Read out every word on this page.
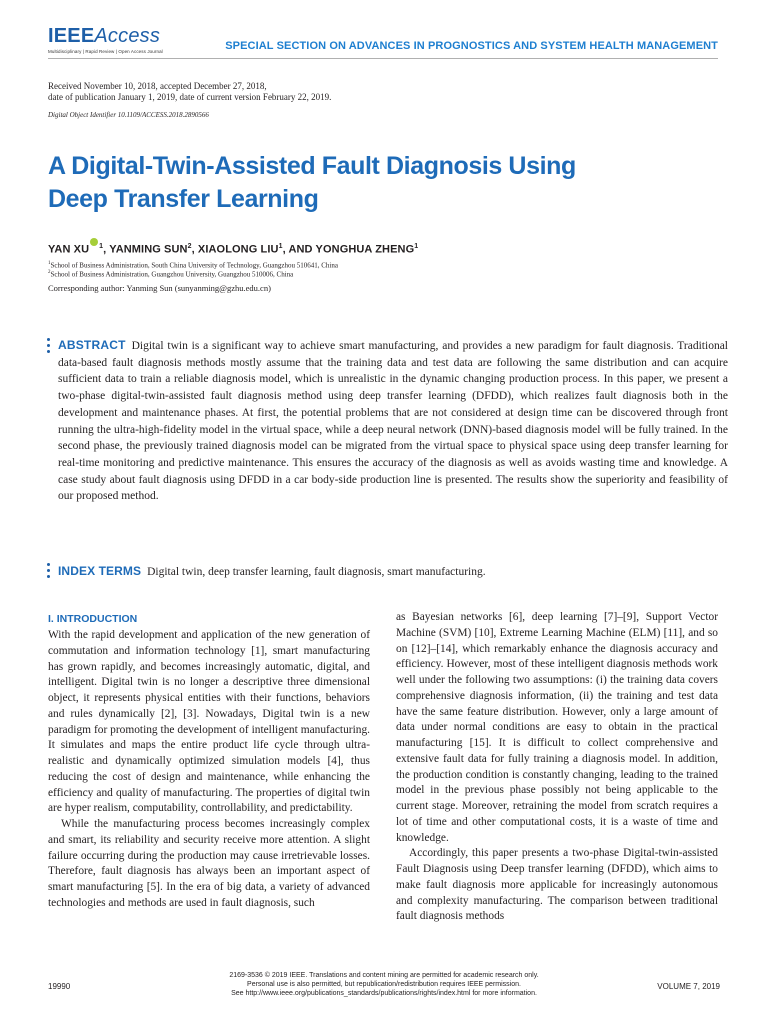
IEEEAccess
Multidisciplinary | Rapid Review | Open Access Journal	SPECIAL SECTION ON ADVANCES IN PROGNOSTICS AND SYSTEM HEALTH MANAGEMENT
Received November 10, 2018, accepted December 27, 2018,
date of publication January 1, 2019, date of current version February 22, 2019.
Digital Object Identifier 10.1109/ACCESS.2018.2890566
A Digital-Twin-Assisted Fault Diagnosis Using
Deep Transfer Learning
YAN XU $^1$, YANMING SUN$^2$, XIAOLONG LIU$^1$, AND YONGHUA ZHENG$^1$
$^1$School of Business Administration, South China University of Technology, Guangzhou 510641, China
$^2$School of Business Administration, Guangzhou University, Guangzhou 510006, China
Corresponding author: Yanming Sun (sunyanming@gzhu.edu.cn)
ABSTRACT Digital twin is a significant way to achieve smart manufacturing, and provides a new paradigm for fault diagnosis. Traditional data-based fault diagnosis methods mostly assume that the training data and test data are following the same distribution and can acquire sufficient data to train a reliable diagnosis model, which is unrealistic in the dynamic changing production process. In this paper, we present a two-phase digital-twin-assisted fault diagnosis method using deep transfer learning (DFDD), which realizes fault diagnosis both in the development and maintenance phases. At first, the potential problems that are not considered at design time can be discovered through front running the ultra-high-fidelity model in the virtual space, while a deep neural network (DNN)-based diagnosis model will be fully trained. In the second phase, the previously trained diagnosis model can be migrated from the virtual space to physical space using deep transfer learning for real-time monitoring and predictive maintenance. This ensures the accuracy of the diagnosis as well as avoids wasting time and knowledge. A case study about fault diagnosis using DFDD in a car body-side production line is presented. The results show the superiority and feasibility of our proposed method.
INDEX TERMS Digital twin, deep transfer learning, fault diagnosis, smart manufacturing.
I. INTRODUCTION

With the rapid development and application of the new generation of commutation and information technology [1], smart manufacturing has grown rapidly, and becomes increasingly automatic, digital, and intelligent. Digital twin is no longer a descriptive three dimensional object, it represents physical entities with their functions, behaviors and rules dynamically [2], [3]. Nowadays, Digital twin is a new paradigm for promoting the development of intelligent manufacturing. It simulates and maps the entire product life cycle through ultra-realistic and dynamically optimized simulation models [4], thus reducing the cost of design and maintenance, while enhancing the efficiency and quality of manufacturing. The properties of digital twin are hyper realism, computability, controllability, and predictability.

While the manufacturing process becomes increasingly complex and smart, its reliability and security receive more attention. A slight failure occurring during the production may cause irretrievable losses. Therefore, fault diagnosis has always been an important aspect of smart manufacturing [5]. In the era of big data, a variety of advanced technologies and methods are used in fault diagnosis, such

as Bayesian networks [6], deep learning [7]–[9], Support Vector Machine (SVM) [10], Extreme Learning Machine (ELM) [11], and so on [12]–[14], which remarkably enhance the diagnosis accuracy and efficiency. However, most of these intelligent diagnosis methods work well under the following two assumptions: (i) the training data covers comprehensive diagnosis information, (ii) the training and test data have the same feature distribution. However, only a large amount of data under normal conditions are easy to obtain in the practical manufacturing [15]. It is difficult to collect comprehensive and extensive fault data for fully training a diagnosis model. In addition, the production condition is constantly changing, leading to the trained model in the previous phase possibly not being applicable to the current stage. Moreover, retraining the model from scratch requires a lot of time and other computational costs, it is a waste of time and knowledge.

Accordingly, this paper presents a two-phase Digital-twin-assisted Fault Diagnosis using Deep transfer learning (DFDD), which aims to make fault diagnosis more applicable for increasingly autonomous and complexity manufacturing. The comparison between traditional fault diagnosis methods

19990
2169-3536 © 2019 IEEE. Translations and content mining are permitted for academic research only.
Personal use is also permitted, but republication/redistribution requires IEEE permission.
See http://www.ieee.org/publications_standards/publications/rights/index.html for more information.
VOLUME 7, 2019
